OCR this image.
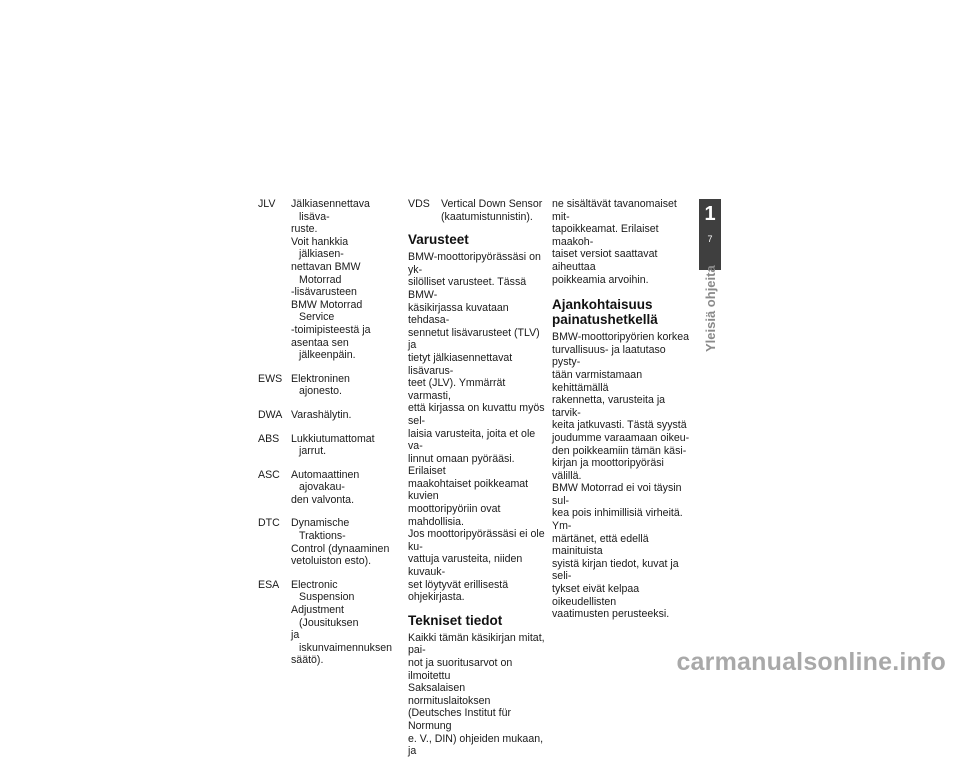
JLV	Jälkiasennettava lisäva-
ruste.
Voit hankkia jälkiasen-
nettavan BMW Motorrad
-lisävarusteen
BMW Motorrad Service
-toimipisteestä ja
asentaa sen jälkeenpäin.
EWS Elektroninen ajonesto.
DWA Varashälytin.
ABS	Lukkiutumattomat jarrut.
ASC	Automaattinen ajovakau-
den valvonta.
DTC	Dynamische Traktions-
Control (dynaaminen
vetoluiston esto).
ESA	Electronic Suspension
Adjustment (Jousituksen
ja iskunvaimennuksen
säätö).
VDS	Vertical Down Sensor
(kaatumistunnistin).
Varusteet

BMW-moottoripyörässäsi on yk-
silölliset varusteet. Tässä BMW-
käsikirjassa kuvataan tehdasa-
sennetut lisävarusteet (TLV) ja
tietyt jälkiasennettavat lisävarus-
teet (JLV). Ymmärrät varmasti,
että kirjassa on kuvattu myös sel-
laisia varusteita, joita et ole va-
linnut omaan pyörääsi. Erilaiset
maakohtaiset poikkeamat kuvien
moottoripyöriin ovat mahdollisia.
Jos moottoripyörässäsi ei ole ku-
vattuja varusteita, niiden kuvauk-
set löytyvät erillisestä ohjekirjasta.

Tekniset tiedot

Kaikki tämän käsikirjan mitat, pai-
not ja suoritusarvot on ilmoitettu
Saksalaisen normituslaitoksen
(Deutsches Institut für Normung
e. V., DIN) ohjeiden mukaan, ja

ne sisältävät tavanomaiset mit-
tapoikkeamat. Erilaiset maakoh-
taiset versiot saattavat aiheuttaa
poikkeamia arvoihin.

Ajankohtaisuus
painatushetkellä

BMW-moottoripyörien korkea
turvallisuus- ja laatutaso pysty-
tään varmistamaan kehittämällä
rakennetta, varusteita ja tarvik-
keita jatkuvasti. Tästä syystä
joudumme varaamaan oikeu-
den poikkeamiin tämän käsi-
kirjan ja moottoripyöräsi välillä.
BMW Motorrad ei voi täysin sul-
kea pois inhimillisiä virheitä. Ym-
märtänet, että edellä mainituista
syistä kirjan tiedot, kuvat ja seli-
tykset eivät kelpaa oikeudellisten
vaatimusten perusteeksi.

1
7
Yleisiä ohjeita
carmanualsonline.info
